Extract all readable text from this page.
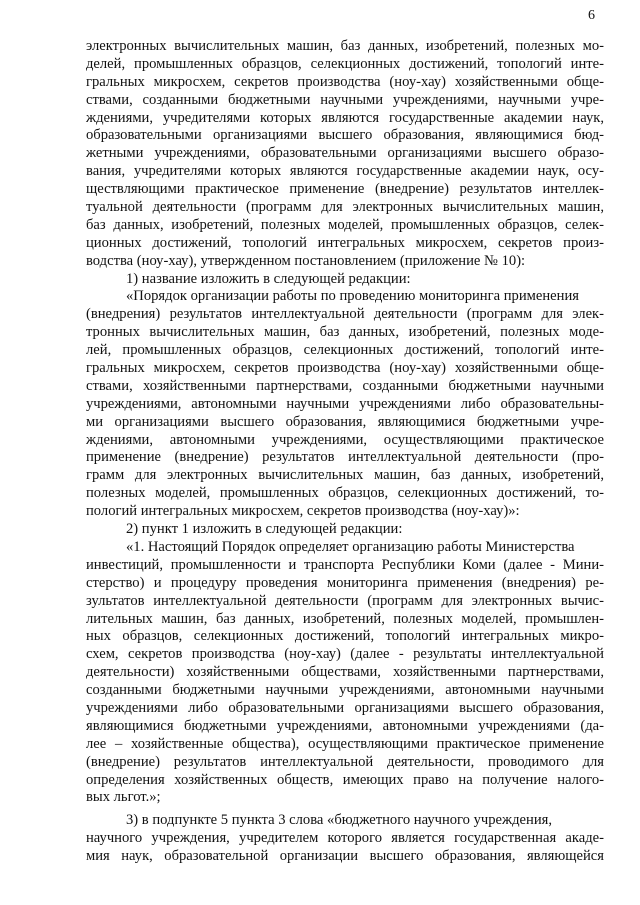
6
электронных вычислительных машин, баз данных, изобретений, полезных мо-
делей, промышленных образцов, селекционных достижений, топологий инте-
гральных микросхем, секретов производства (ноу-хау) хозяйственными обще-
ствами, созданными бюджетными научными учреждениями, научными учре-
ждениями, учредителями которых являются государственные академии наук,
образовательными организациями высшего образования, являющимися бюд-
жетными учреждениями, образовательными организациями высшего образо-
вания, учредителями которых являются государственные академии наук, осу-
ществляющими практическое применение (внедрение) результатов интеллек-
туальной деятельности (программ для электронных вычислительных машин,
баз данных, изобретений, полезных моделей, промышленных образцов, селек-
ционных достижений, топологий интегральных микросхем, секретов произ-
водства (ноу-хау), утвержденном постановлением (приложение № 10):
1) название изложить в следующей редакции:
«Порядок организации работы по проведению мониторинга применения
(внедрения) результатов интеллектуальной деятельности (программ для элек-
тронных вычислительных машин, баз данных, изобретений, полезных моде-
лей, промышленных образцов, селекционных достижений, топологий инте-
гральных микросхем, секретов производства (ноу-хау) хозяйственными обще-
ствами, хозяйственными партнерствами, созданными бюджетными научными
учреждениями, автономными научными учреждениями либо образовательны-
ми организациями высшего образования, являющимися бюджетными учре-
ждениями, автономными учреждениями, осуществляющими практическое
применение (внедрение) результатов интеллектуальной деятельности (про-
грамм для электронных вычислительных машин, баз данных, изобретений,
полезных моделей, промышленных образцов, селекционных достижений, то-
пологий интегральных микросхем, секретов производства (ноу-хау)»:
2) пункт 1 изложить в следующей редакции:
«1. Настоящий Порядок определяет организацию работы Министерства
инвестиций, промышленности и транспорта Республики Коми (далее - Мини-
стерство) и процедуру проведения мониторинга применения (внедрения) ре-
зультатов интеллектуальной деятельности (программ для электронных вычис-
лительных машин, баз данных, изобретений, полезных моделей, промышлен-
ных образцов, селекционных достижений, топологий интегральных микро-
схем, секретов производства (ноу-хау) (далее - результаты интеллектуальной
деятельности) хозяйственными обществами, хозяйственными партнерствами,
созданными бюджетными научными учреждениями, автономными научными
учреждениями либо образовательными организациями высшего образования,
являющимися бюджетными учреждениями, автономными учреждениями (да-
лее – хозяйственные общества), осуществляющими практическое применение
(внедрение) результатов интеллектуальной деятельности, проводимого для
определения хозяйственных обществ, имеющих право на получение налого-
вых льгот.»;
3) в подпункте 5 пункта 3 слова «бюджетного научного учреждения,
научного учреждения, учредителем которого является государственная акаде-
мия наук, образовательной организации высшего образования, являющейся
